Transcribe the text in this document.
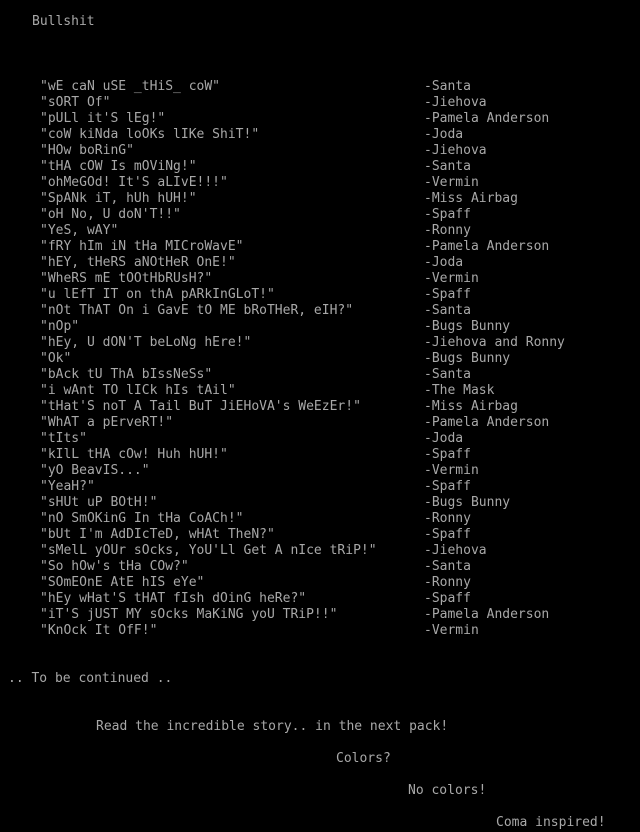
Bullshit
"wE caN uSE _tHiS_ coW"	-Santa
"sORT Of"	-Jiehova
"pULl it'S lEg!"	-Pamela Anderson
"coW kiNda loOKs lIKe ShiT!"	-Joda
"HOw boRinG"	-Jiehova
"tHA cOW Is mOViNg!"	-Santa
"ohMeGOd! It'S aLIvE!!!"	-Vermin
"SpANk iT, hUh hUH!"	-Miss Airbag
"oH No, U doN'T!!"	-Spaff
"YeS, wAY"	-Ronny
"fRY hIm iN tHa MICroWavE"	-Pamela Anderson
"hEY, tHeRS aNOtHeR OnE!"	-Joda
"WheRS mE tOOtHbRUsH?"	-Vermin
"u lEfT IT on thA pARkInGLoT!"	-Spaff
"nOt ThAT On i GavE tO ME bRoTHeR, eIH?"	-Santa
"nOp"	-Bugs Bunny
"hEy, U dON'T beLoNg hEre!"	-Jiehova and Ronny
"Ok"	-Bugs Bunny
"bAck tU ThA bIssNeSs"	-Santa
"i wAnt TO lICk hIs tAil"	-The Mask
"tHat'S noT A Tail BuT JiEHoVA's WeEzEr!"	-Miss Airbag
"WhAT a pErveRT!"	-Pamela Anderson
"tIts"	-Joda
"kIlL tHA cOw! Huh hUH!"	-Spaff
"yO BeavIS..."	-Vermin
"YeaH?"	-Spaff
"sHUt uP BOtH!"	-Bugs Bunny
"nO SmOKinG In tHa CoACh!"	-Ronny
"bUt I'm AdDIcTeD, wHAt TheN?"	-Spaff
"sMelL yOUr sOcks, YoU'Ll Get A nIce tRiP!"	-Jiehova
"So hOw's tHa COw?"	-Santa
"SOmEOnE AtE hIS eYe"	-Ronny
"hEy wHat'S tHAT fIsh dOinG heRe?"	-Spaff
"iT'S jUST MY sOcks MaKiNG yoU TRiP!!"	-Pamela Anderson
"KnOck It OfF!"	-Vermin
.. To be continued ..
Read the incredible story.. in the next pack!
Colors?
No colors!
Coma inspired!
